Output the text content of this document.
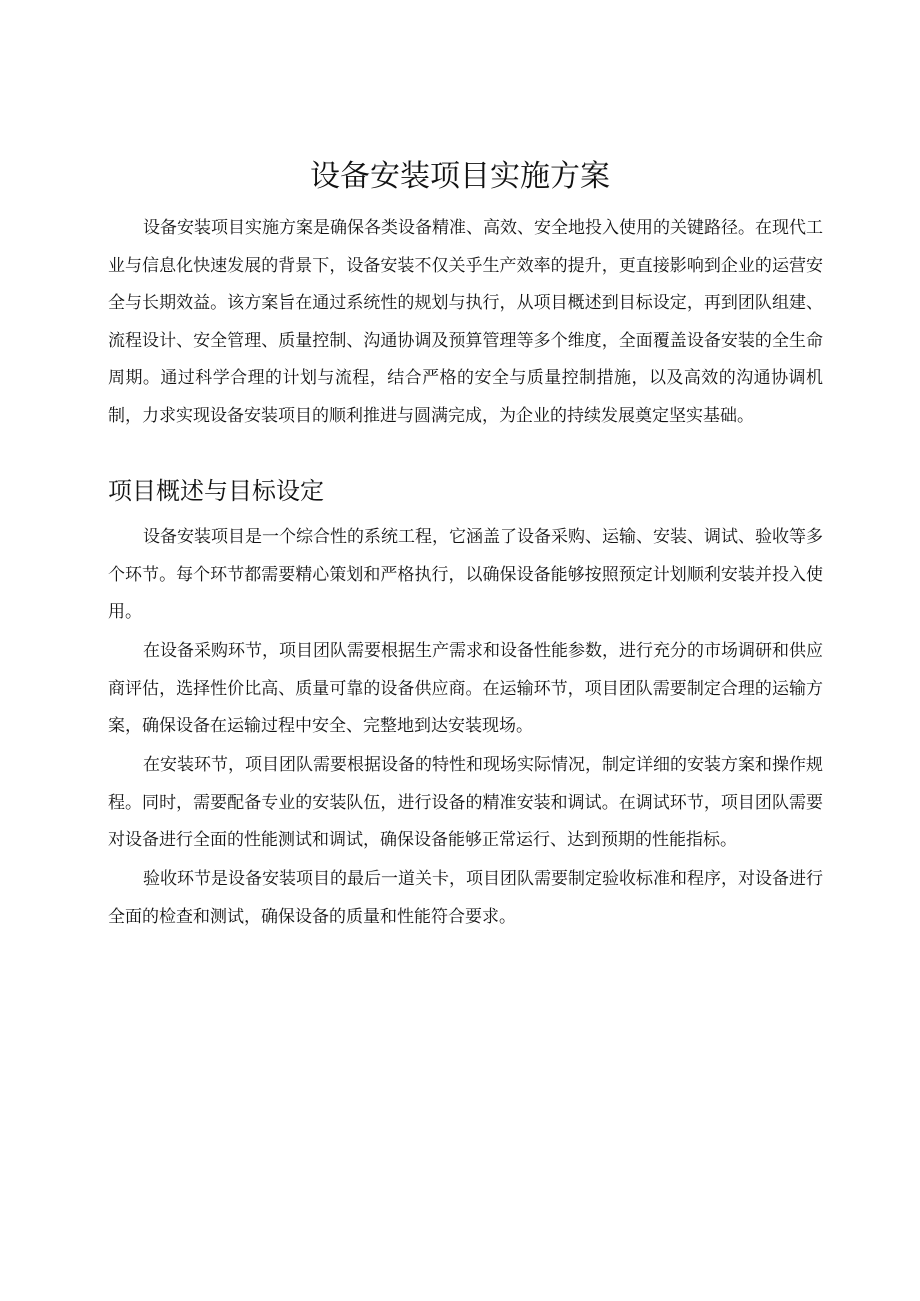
设备安装项目实施方案

设备安装项目实施方案是确保各类设备精准、高效、安全地投入使用的关键路径。在现代工业与信息化快速发展的背景下，设备安装不仅关乎生产效率的提升，更直接影响到企业的运营安全与长期效益。该方案旨在通过系统性的规划与执行，从项目概述到目标设定，再到团队组建、流程设计、安全管理、质量控制、沟通协调及预算管理等多个维度，全面覆盖设备安装的全生命周期。通过科学合理的计划与流程，结合严格的安全与质量控制措施，以及高效的沟通协调机制，力求实现设备安装项目的顺利推进与圆满完成，为企业的持续发展奠定坚实基础。

项目概述与目标设定

设备安装项目是一个综合性的系统工程，它涵盖了设备采购、运输、安装、调试、验收等多个环节。每个环节都需要精心策划和严格执行，以确保设备能够按照预定计划顺利安装并投入使用。

在设备采购环节，项目团队需要根据生产需求和设备性能参数，进行充分的市场调研和供应商评估，选择性价比高、质量可靠的设备供应商。在运输环节，项目团队需要制定合理的运输方案，确保设备在运输过程中安全、完整地到达安装现场。

在安装环节，项目团队需要根据设备的特性和现场实际情况，制定详细的安装方案和操作规程。同时，需要配备专业的安装队伍，进行设备的精准安装和调试。在调试环节，项目团队需要对设备进行全面的性能测试和调试，确保设备能够正常运行、达到预期的性能指标。

验收环节是设备安装项目的最后一道关卡，项目团队需要制定验收标准和程序，对设备进行全面的检查和测试，确保设备的质量和性能符合要求。
